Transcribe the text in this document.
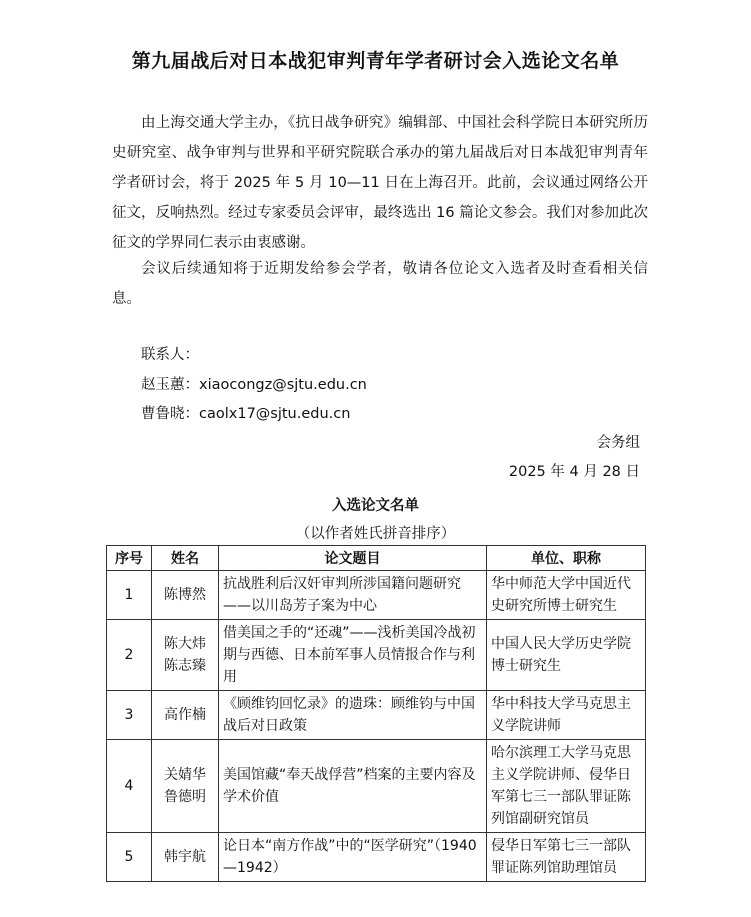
第九届战后对日本战犯审判青年学者研讨会入选论文名单

由上海交通大学主办，《抗日战争研究》编辑部、中国社会科学院日本研究所历史研究室、战争审判与世界和平研究院联合承办的第九届战后对日本战犯审判青年学者研讨会，将于 2025 年 5 月 10—11 日在上海召开。此前，会议通过网络公开征文，反响热烈。经过专家委员会评审，最终选出 16 篇论文参会。我们对参加此次征文的学界同仁表示由衷感谢。

会议后续通知将于近期发给参会学者，敬请各位论文入选者及时查看相关信息。

联系人：
赵玉蕙：xiaocongz@sjtu.edu.cn
曹鲁晓：caolx17@sjtu.edu.cn
会务组
2025 年 4 月 28 日
入选论文名单
（以作者姓氏拼音排序）
序号	姓名	论文题目	单位、职称
1	陈博然	抗战胜利后汉奸审判所涉国籍问题研究——以川岛芳子案为中心	华中师范大学中国近代史研究所博士研究生
2	陈大炜
陈志臻	借美国之手的“还魂”——浅析美国冷战初期与西德、日本前军事人员情报合作与利用	中国人民大学历史学院博士研究生
3	高作楠	《顾维钧回忆录》的遗珠：顾维钧与中国战后对日政策	华中科技大学马克思主义学院讲师
4	关婧华
鲁德明	美国馆藏“奉天战俘营”档案的主要内容及学术价值	哈尔滨理工大学马克思主义学院讲师、侵华日军第七三一部队罪证陈列馆副研究馆员
5	韩宇航	论日本“南方作战”中的“医学研究”（1940—1942）	侵华日军第七三一部队罪证陈列馆助理馆员
